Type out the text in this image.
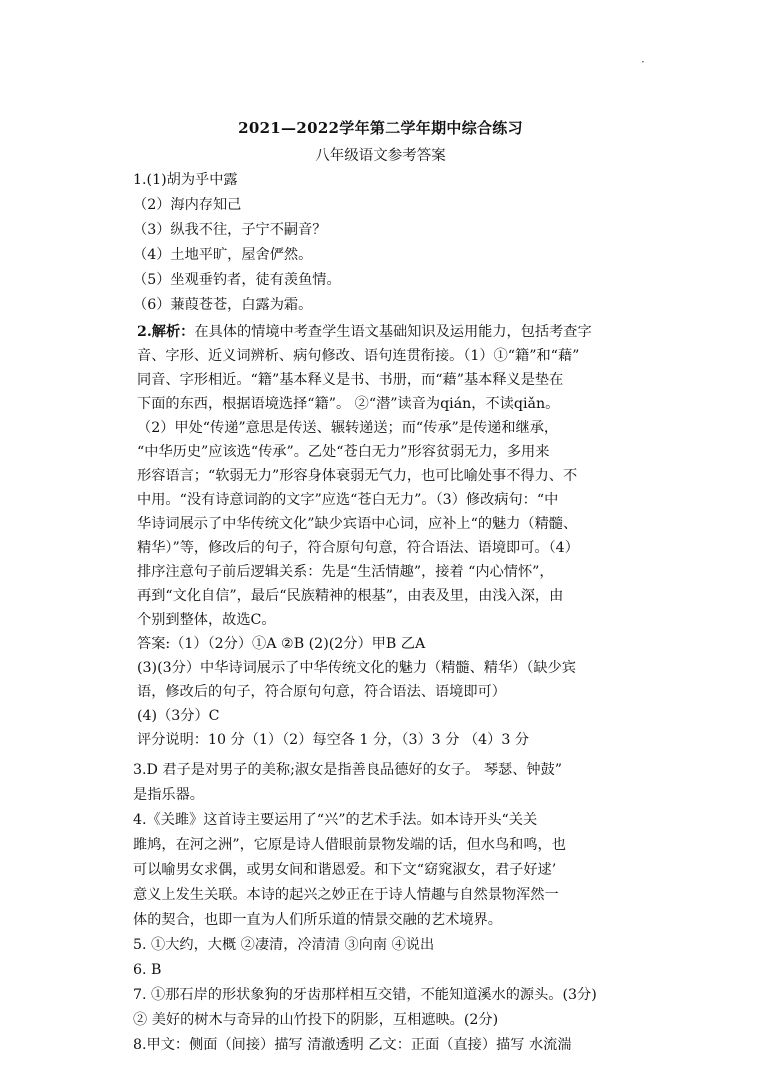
·
2021—2022学年第二学年期中综合练习
八年级语文参考答案
1.(1)胡为乎中露
（2）海内存知己
（3）纵我不往，子宁不嗣音？
（4）土地平旷，屋舍俨然。
（5）坐观垂钓者，徒有羡鱼情。
（6）蒹葭苍苍，白露为霜。
2.解析：在具体的情境中考查学生语文基础知识及运用能力，包括考查字
音、字形、近义词辨析、病句修改、语句连贯衔接。（1）①“籍”和“藉”
同音、字形相近。“籍”基本释义是书、书册，而“藉”基本释义是垫在
下面的东西，根据语境选择“籍”。 ②“潜”读音为qián，不读qiǎn。
（2）甲处“传递”意思是传送、辗转递送；而“传承”是传递和继承，
“中华历史”应该选“传承”。乙处“苍白无力”形容贫弱无力，多用来
形容语言；“软弱无力”形容身体衰弱无气力，也可比喻处事不得力、不
中用。“没有诗意词韵的文字”应选“苍白无力”。（3）修改病句：“中
华诗词展示了中华传统文化”缺少宾语中心词，应补上“的魅力（精髓、
精华）”等，修改后的句子，符合原句句意，符合语法、语境即可。（4）
排序注意句子前后逻辑关系：先是“生活情趣”，接着 “内心情怀”，
再到“文化自信”，最后“民族精神的根基”，由表及里，由浅入深，由
个别到整体，故选C。
答案:（1）（2分）①A ②B (2)(2分）甲B 乙A
(3)(3分）中华诗词展示了中华传统文化的魅力（精髓、精华）（缺少宾
语，修改后的句子，符合原句句意，符合语法、语境即可）
(4)（3分）C
评分说明：10 分（1）（2）每空各 1 分，（3）3 分 （4）3 分
3.D 君子是对男子的美称;淑女是指善良品德好的女子。 琴瑟、钟鼓”
是指乐器。
4.《关雎》这首诗主要运用了“兴”的艺术手法。如本诗开头“关关
雎鸠，在河之洲”，它原是诗人借眼前景物发端的话，但水鸟和鸣，也
可以喻男女求偶，或男女间和谐恩爱。和下文“窈窕淑女，君子好逑’
意义上发生关联。本诗的起兴之妙正在于诗人情趣与自然景物浑然一
体的契合，也即一直为人们所乐道的情景交融的艺术境界。
5. ①大约，大概 ②凄清，冷清清 ③向南 ④说出
6. B
7. ①那石岸的形状象狗的牙齿那样相互交错，不能知道溪水的源头。(3分)
② 美好的树木与奇异的山竹投下的阴影，互相遮映。(2分)
8.甲文：侧面（间接）描写 清澈透明 乙文：正面（直接）描写 水流湍
